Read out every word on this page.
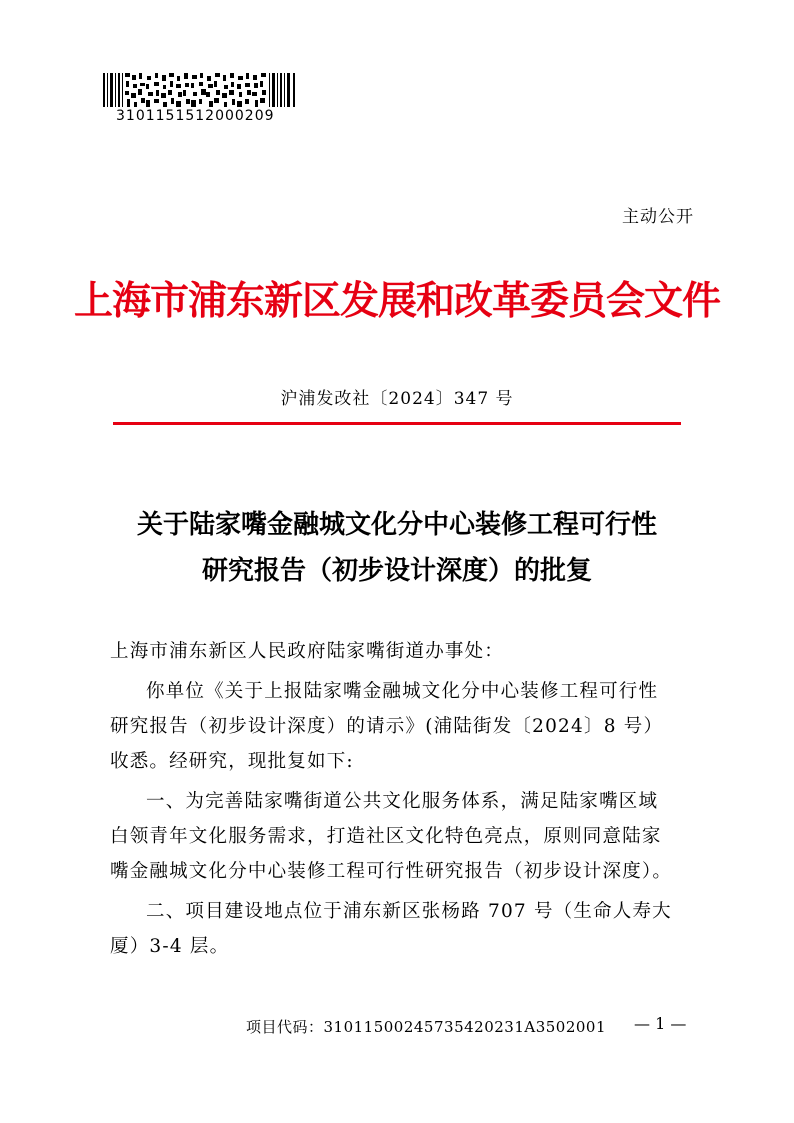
3101151512000209
主动公开
上海市浦东新区发展和改革委员会文件
沪浦发改社〔2024〕347 号
关于陆家嘴金融城文化分中心装修工程可行性
研究报告（初步设计深度）的批复
上海市浦东新区人民政府陆家嘴街道办事处：
你单位《关于上报陆家嘴金融城文化分中心装修工程可行性
研究报告（初步设计深度）的请示》(浦陆街发〔2024〕8 号）
收悉。经研究，现批复如下:
一、为完善陆家嘴街道公共文化服务体系，满足陆家嘴区域
白领青年文化服务需求，打造社区文化特色亮点，原则同意陆家
嘴金融城文化分中心装修工程可行性研究报告（初步设计深度）。
二、项目建设地点位于浦东新区张杨路 707 号（生命人寿大
厦）3-4 层。
项目代码：31011500245735420231A3502001 — 1 —
